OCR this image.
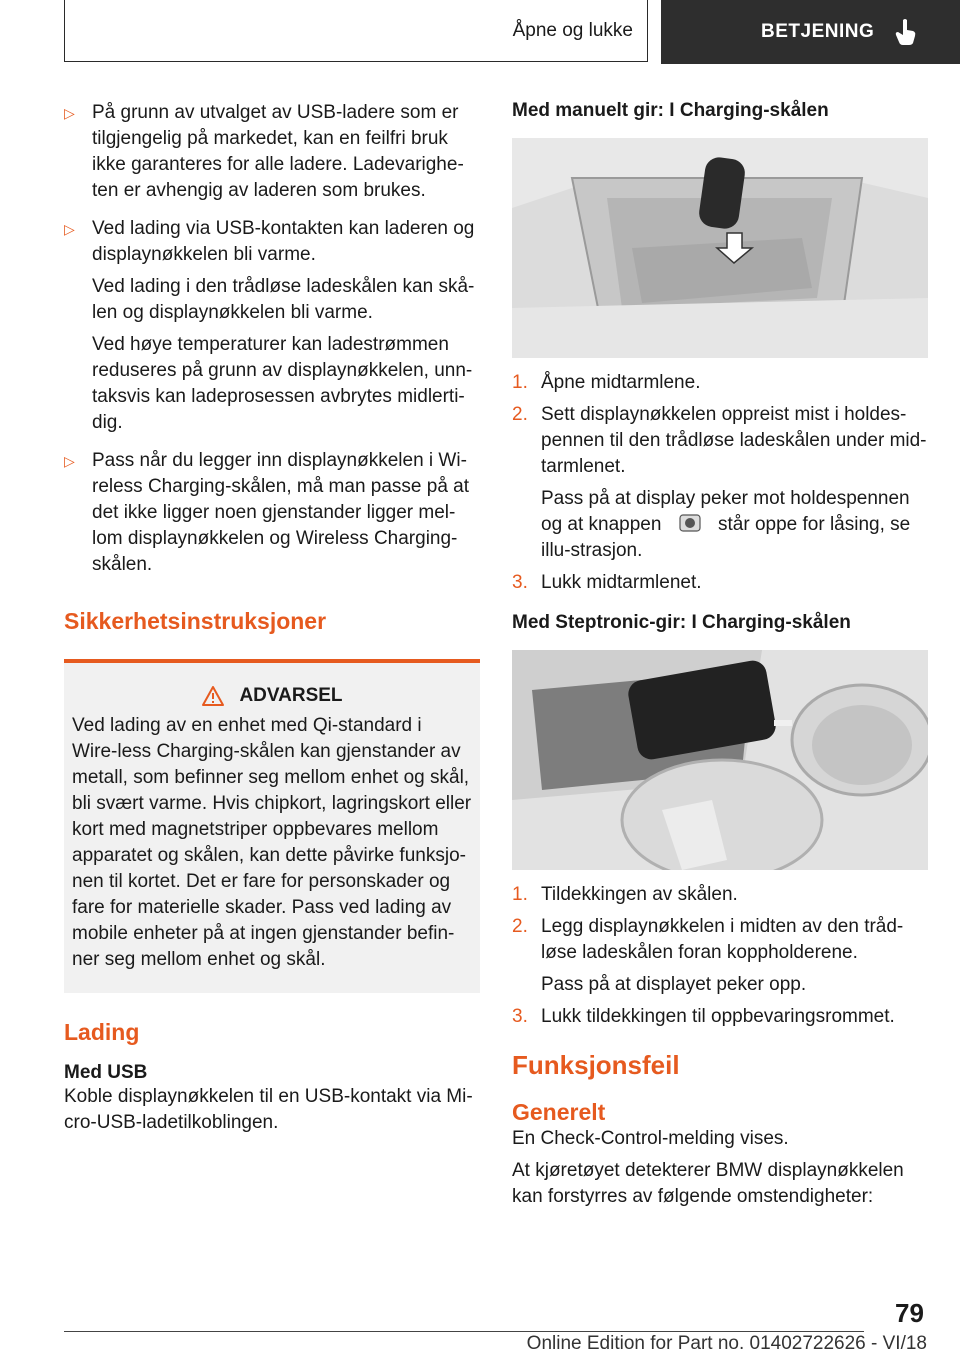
Åpne og lukke	BETJENING
▷ På grunn av utvalget av USB-ladere som er tilgjengelig på markedet, kan en feilfri bruk ikke garanteres for alle ladere. Ladevarighe-ten er avhengig av laderen som brukes.

▷ Ved lading via USB-kontakten kan laderen og displaynøkkelen bli varme.

Ved lading i den trådløse ladeskålen kan skå-len og displaynøkkelen bli varme.

Ved høye temperaturer kan ladestrømmen reduseres på grunn av displaynøkkelen, unn-taksvis kan ladeprosessen avbrytes midlerti-dig.

▷ Pass når du legger inn displaynøkkelen i Wi-reless Charging-skålen, må man passe på at det ikke ligger noen gjenstander ligger mel-lom displaynøkkelen og Wireless Charging-skålen.

Sikkerhetsinstruksjoner
ADVARSEL

Ved lading av en enhet med Qi-standard i Wire-less Charging-skålen kan gjenstander av metall, som befinner seg mellom enhet og skål, bli svært varme. Hvis chipkort, lagringskort eller kort med magnetstriper oppbevares mellom apparatet og skålen, kan dette påvirke funksjo-nen til kortet. Det er fare for personskader og fare for materielle skader. Pass ved lading av mobile enheter på at ingen gjenstander befin-ner seg mellom enhet og skål.

Lading
Med USB

Koble displaynøkkelen til en USB-kontakt via Mi-cro-USB-ladetilkoblingen.

Med manuelt gir: I Charging-skålen
1. Åpne midtarmlene.

2. Sett displaynøkkelen oppreist mist i holdes-pennen til den trådløse ladeskålen under mid-tarmlenet.

Pass på at display peker mot holdespennen og at knappen	står oppe for låsing, se illu-strasjon.

3. Lukk midtarmlenet.

Med Steptronic-gir: I Charging-skålen
1. Tildekkingen av skålen.

2. Legg displaynøkkelen i midten av den tråd-løse ladeskålen foran koppholderene.

Pass på at displayet peker opp.

3. Lukk tildekkingen til oppbevaringsrommet.

Funksjonsfeil
Generelt

En Check-Control-melding vises.

At kjøretøyet detekterer BMW displaynøkkelen kan forstyrres av følgende omstendigheter:

79
Online Edition for Part no. 01402722626 - VI/18
